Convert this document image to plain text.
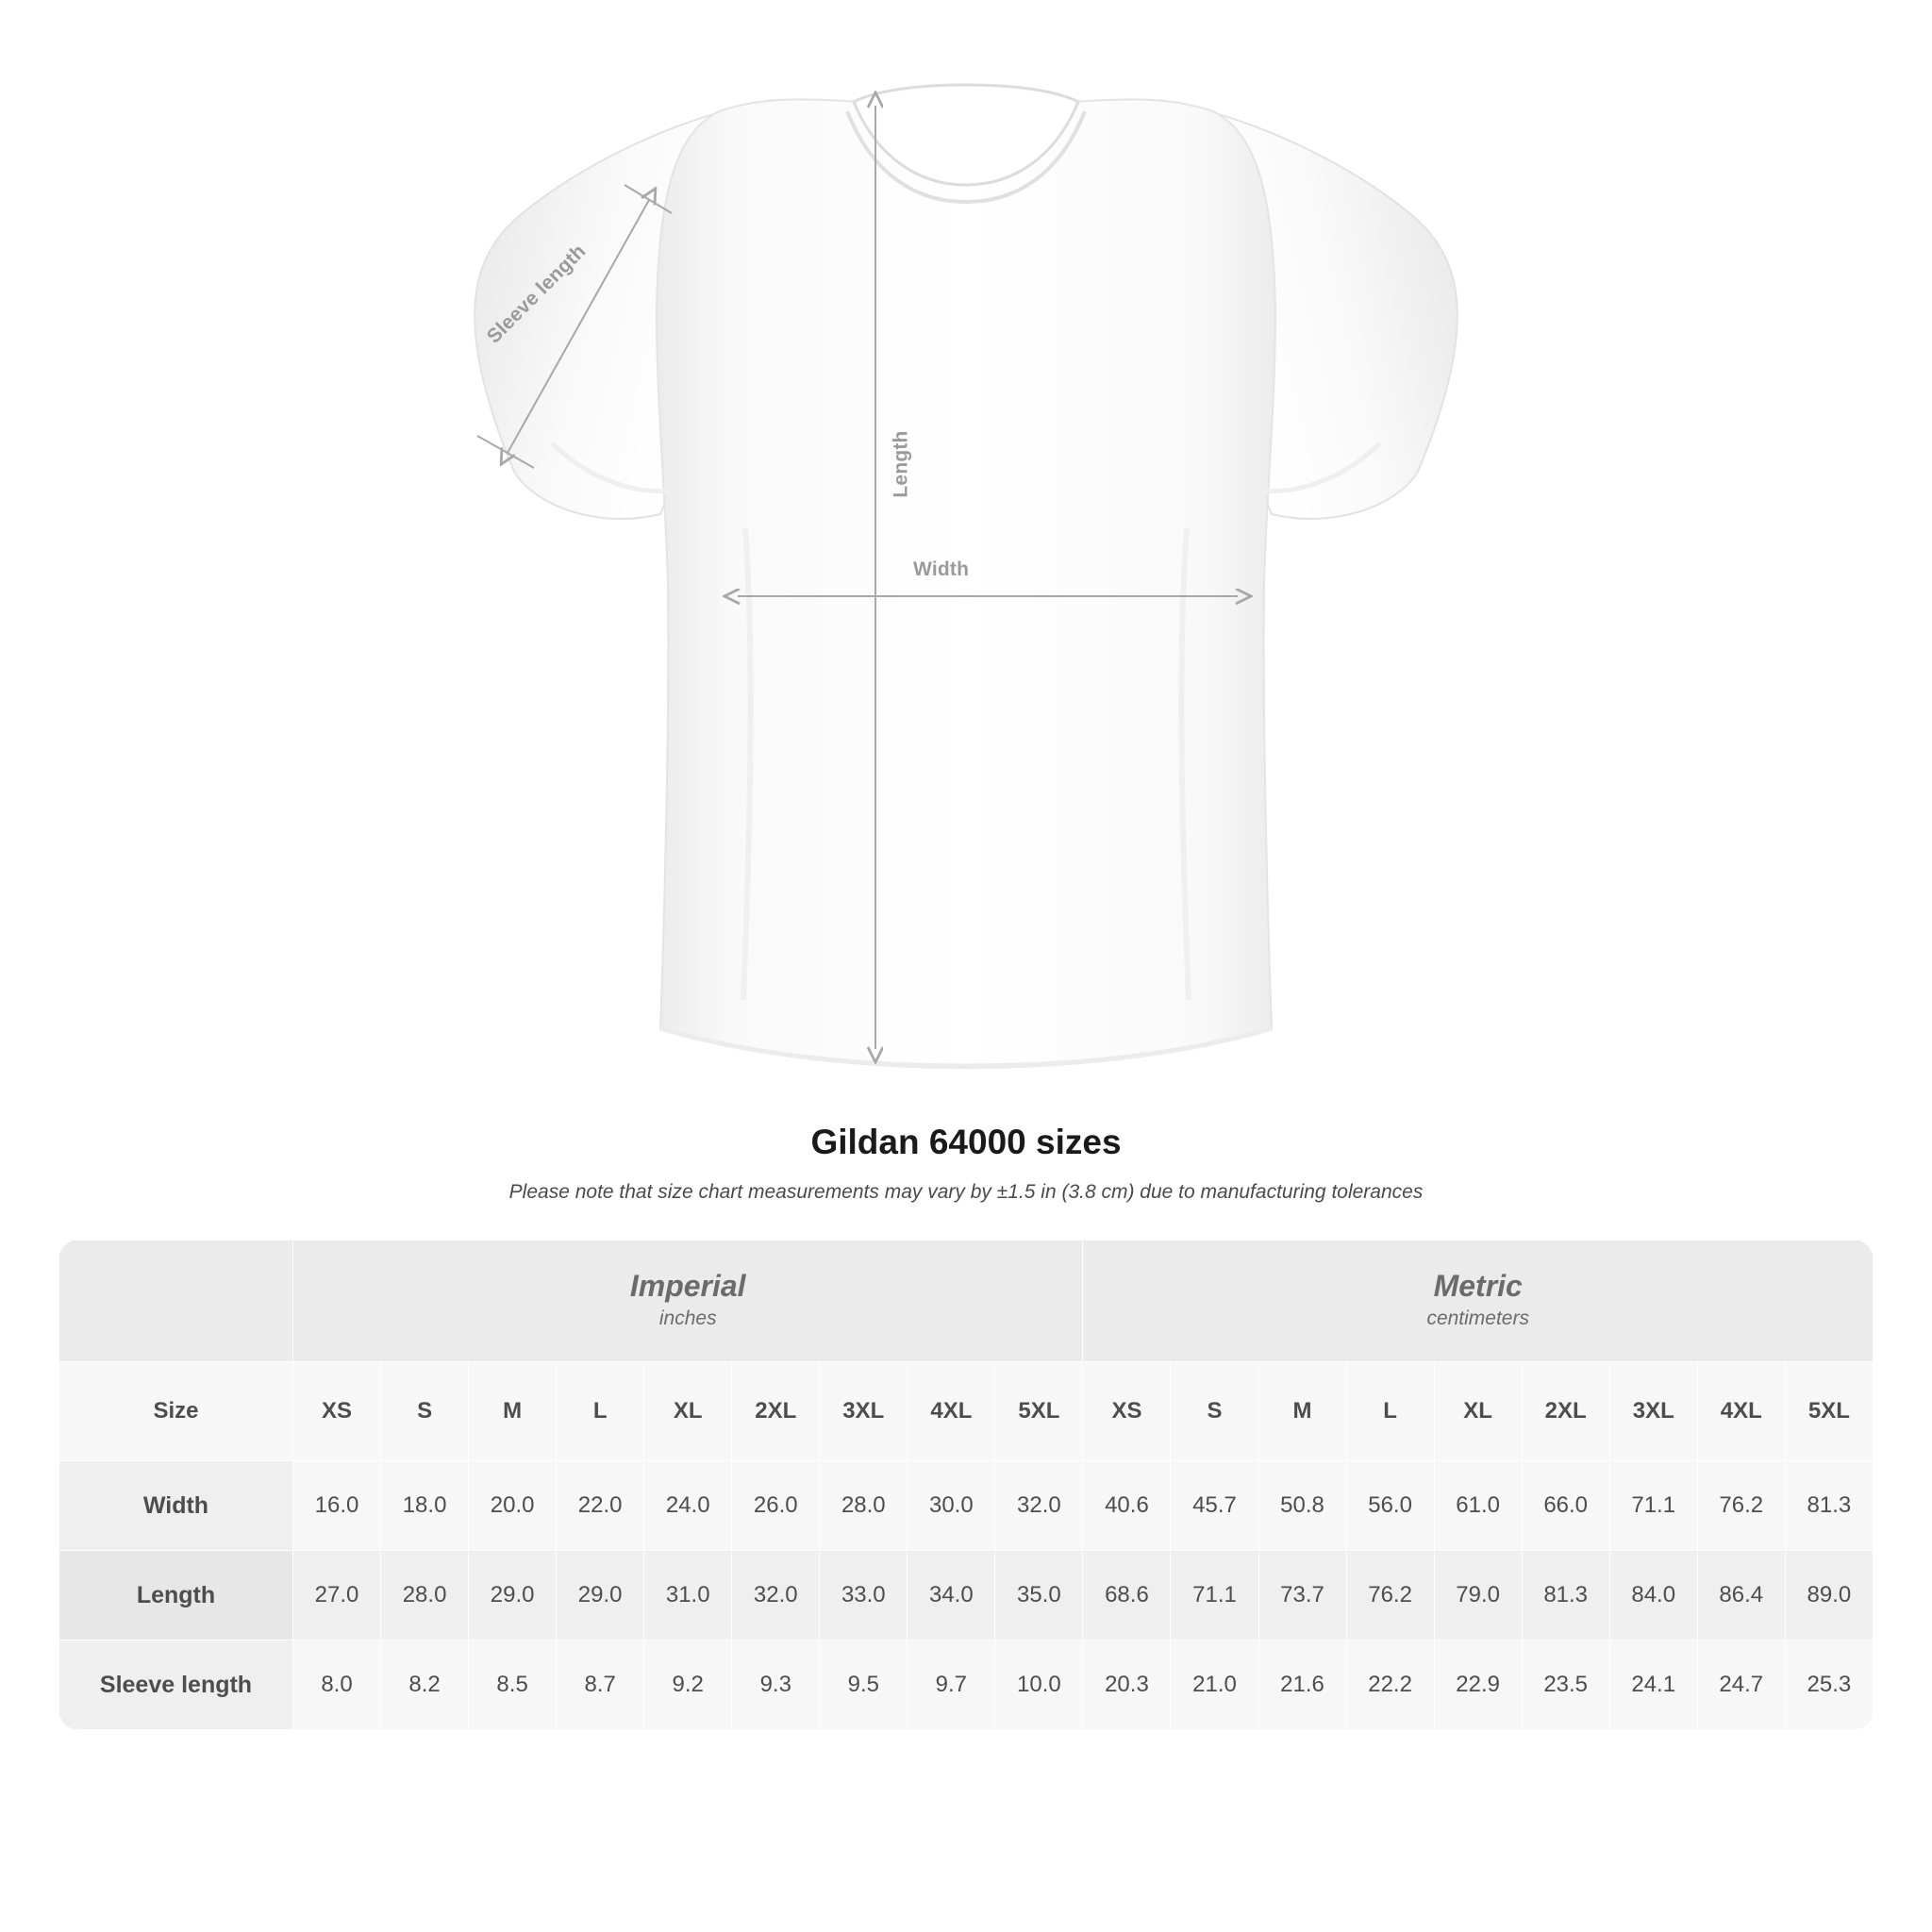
Sleeve length
Length
Width
Gildan 64000 sizes

Please note that size chart measurements may vary by ±1.5 in (3.8 cm) due to manufacturing tolerances

Imperial
inches

Metric
centimeters

Size	XS	S	M	L	XL	2XL	3XL	4XL	5XL	XS	S	M	L	XL	2XL	3XL	4XL	5XL
Width	16.0	18.0	20.0	22.0	24.0	26.0	28.0	30.0	32.0	40.6	45.7	50.8	56.0	61.0	66.0	71.1	76.2	81.3
Length	27.0	28.0	29.0	29.0	31.0	32.0	33.0	34.0	35.0	68.6	71.1	73.7	76.2	79.0	81.3	84.0	86.4	89.0
Sleeve length	8.0	8.2	8.5	8.7	9.2	9.3	9.5	9.7	10.0	20.3	21.0	21.6	22.2	22.9	23.5	24.1	24.7	25.3
